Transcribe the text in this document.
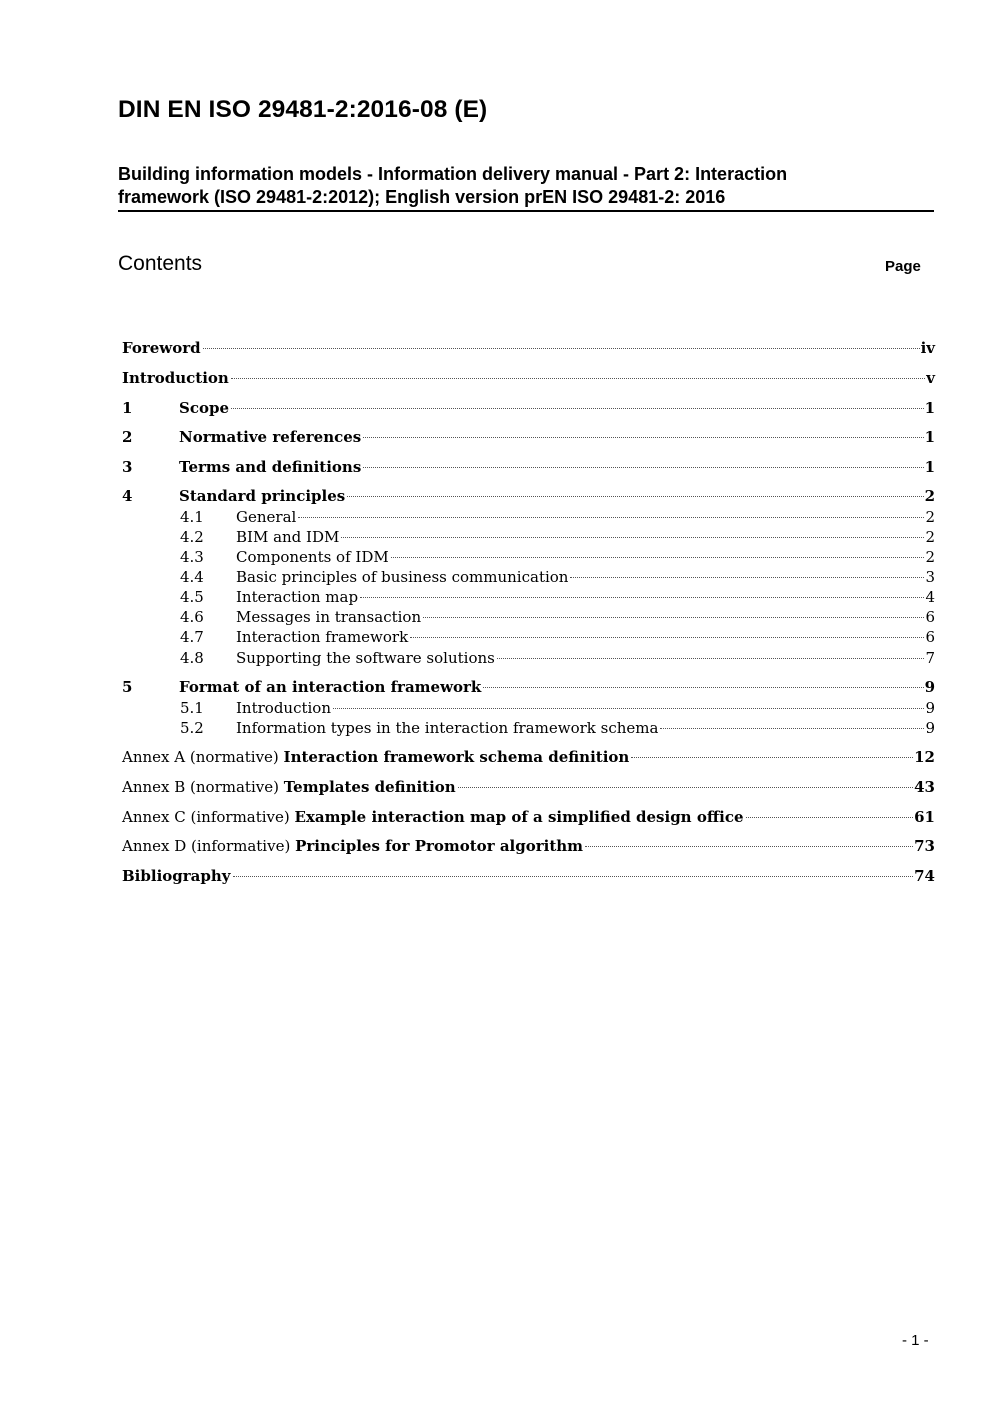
DIN EN ISO 29481-2:2016-08 (E)
Building information models - Information delivery manual - Part 2: Interaction
framework (ISO 29481-2:2012); English version prEN ISO 29481-2: 2016
Contents	Page
Foreword	iv
Introduction	v
1	Scope	1
2	Normative references	1
3	Terms and definitions	1
4	Standard principles	2
4.1	General	2
4.2	BIM and IDM	2
4.3	Components of IDM	2
4.4	Basic principles of business communication	3
4.5	Interaction map	4
4.6	Messages in transaction	6
4.7	Interaction framework	6
4.8	Supporting the software solutions	7
5	Format of an interaction framework	9
5.1	Introduction	9
5.2	Information types in the interaction framework schema	9
Annex A (normative) Interaction framework schema definition	12
Annex B (normative) Templates definition	43
Annex C (informative) Example interaction map of a simplified design office	61
Annex D (informative) Principles for Promotor algorithm	73
Bibliography	74
- 1 -
